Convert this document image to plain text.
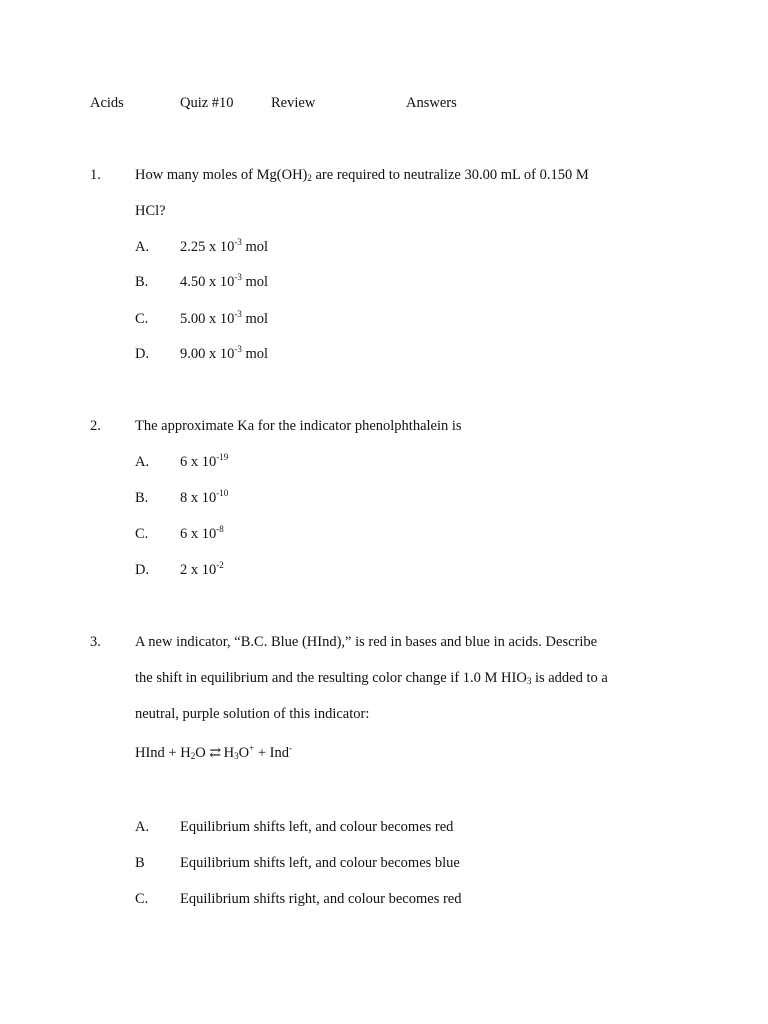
Acids	Quiz #10	Review	Answers
1. How many moles of $Mg(OH)_2$ are required to neutralize 30.00 mL of 0.150 M
HCl?
A. 2.25 x $10^{-3}$ mol
B. 4.50 x $10^{-3}$ mol
C. 5.00 x $10^{-3}$ mol
D. 9.00 x $10^{-3}$ mol
2. The approximate Ka for the indicator phenolphthalein is
A. 6 x $10^{-19}$
B. 8 x $10^{-10}$
C. 6 x $10^{-8}$
D. 2 x $10^{-2}$
3. A new indicator, “B.C. Blue (HInd),” is red in bases and blue in acids. Describe
the shift in equilibrium and the resulting color change if 1.0 M $HIO_3$ is added to a
neutral, purple solution of this indicator:
HInd + $H_2O$ ⇄ $H_3O^+ + Ind^-$
A. Equilibrium shifts left, and colour becomes red
B Equilibrium shifts left, and colour becomes blue
C. Equilibrium shifts right, and colour becomes red
